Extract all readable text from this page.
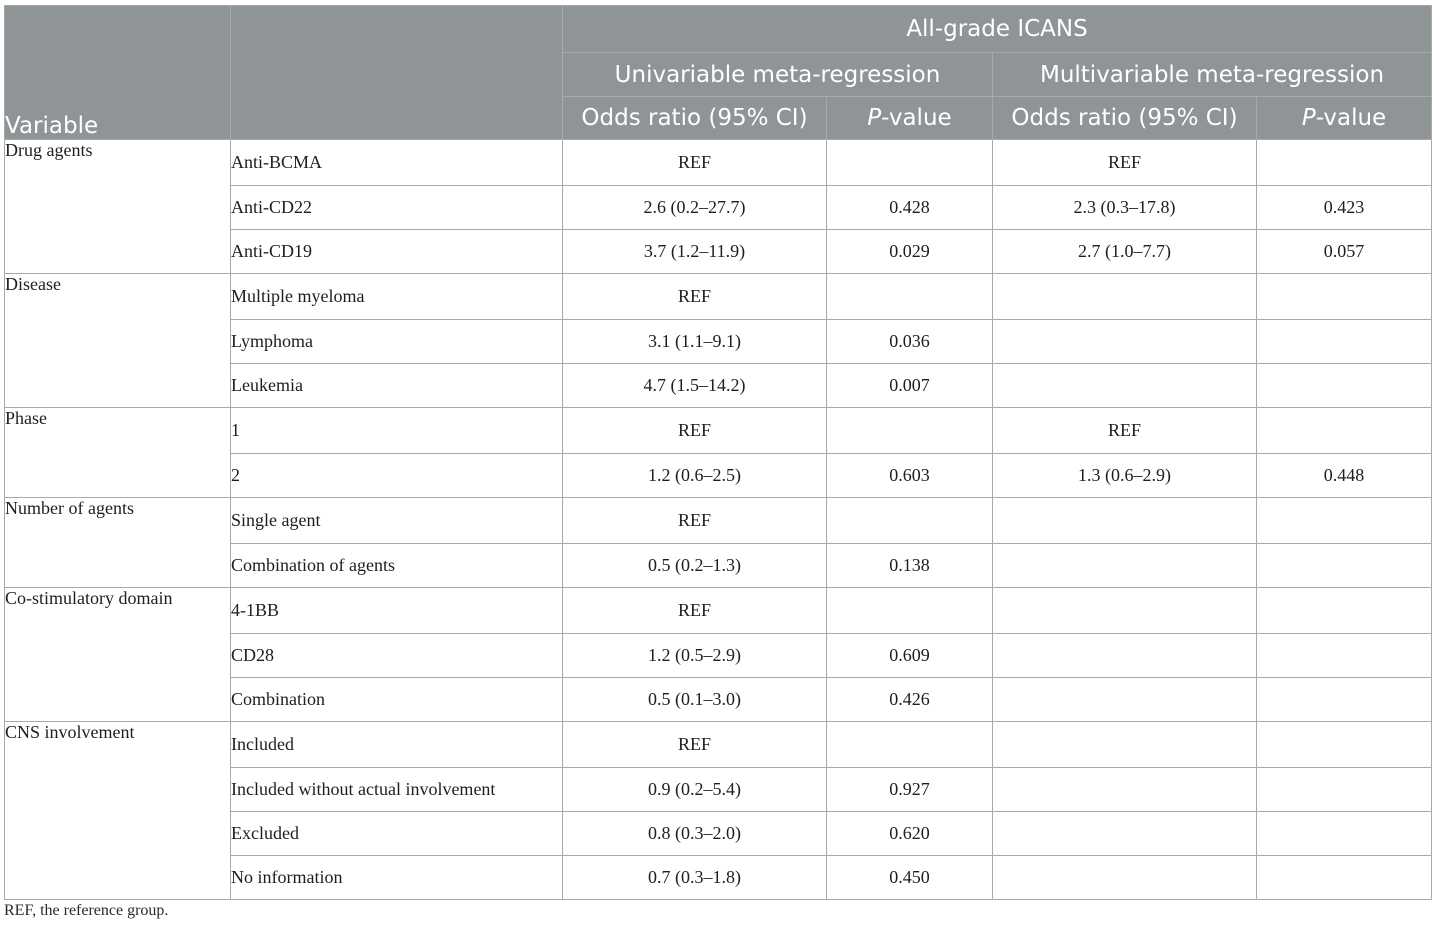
Variable		All-grade ICANS			
		Univariable meta-regression		Multivariable meta-regression	
		Odds ratio (95% CI)	P-value	Odds ratio (95% CI)	P-value
Drug agents	Anti-BCMA	REF		REF	
	Anti-CD22	2.6 (0.2–27.7)	0.428	2.3 (0.3–17.8)	0.423
	Anti-CD19	3.7 (1.2–11.9)	0.029	2.7 (1.0–7.7)	0.057
Disease	Multiple myeloma	REF			
	Lymphoma	3.1 (1.1–9.1)	0.036		
	Leukemia	4.7 (1.5–14.2)	0.007		
Phase	1	REF		REF	
	2	1.2 (0.6–2.5)	0.603	1.3 (0.6–2.9)	0.448
Number of agents	Single agent	REF			
	Combination of agents	0.5 (0.2–1.3)	0.138		
Co-stimulatory domain	4-1BB	REF			
	CD28	1.2 (0.5–2.9)	0.609		
	Combination	0.5 (0.1–3.0)	0.426		
CNS involvement	Included	REF			
	Included without actual involvement	0.9 (0.2–5.4)	0.927		
	Excluded	0.8 (0.3–2.0)	0.620		
	No information	0.7 (0.3–1.8)	0.450		
REF, the reference group.
